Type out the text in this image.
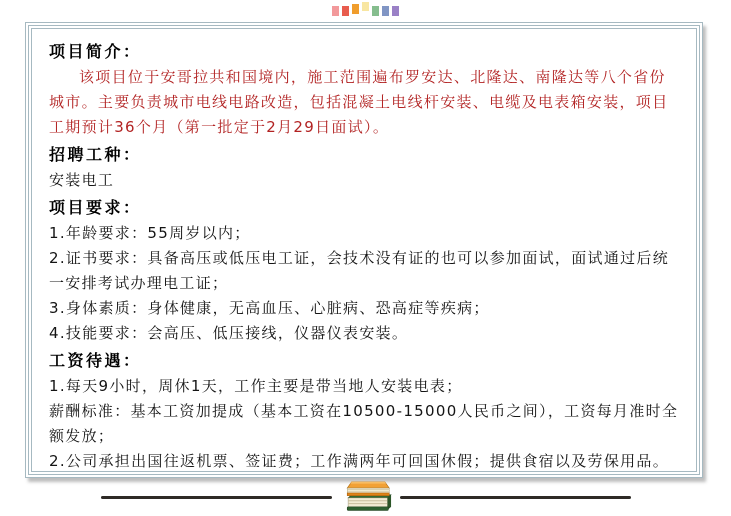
项目简介：

该项目位于安哥拉共和国境内，施工范围遍布罗安达、北隆达、南隆达等八个省份城市。主要负责城市电线电路改造，包括混凝土电线杆安装、电缆及电表箱安装，项目工期预计36个月（第一批定于2月29日面试）。

招聘工种：

安装电工

项目要求：

1.年龄要求：55周岁以内；

2.证书要求：具备高压或低压电工证，会技术没有证的也可以参加面试，面试通过后统一安排考试办理电工证；

3.身体素质：身体健康，无高血压、心脏病、恐高症等疾病；

4.技能要求：会高压、低压接线，仪器仪表安装。

工资待遇：

1.每天9小时，周休1天，工作主要是带当地人安装电表；

薪酬标准：基本工资加提成（基本工资在10500-15000人民币之间），工资每月准时全额发放；

2.公司承担出国往返机票、签证费；工作满两年可回国休假；提供食宿以及劳保用品。
